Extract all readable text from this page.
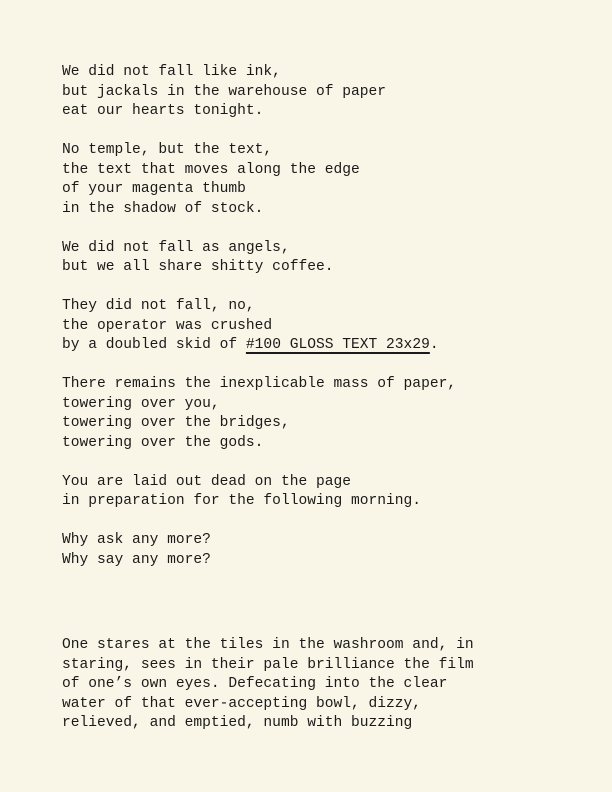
We did not fall like ink,
but jackals in the warehouse of paper
eat our hearts tonight.
No temple, but the text,
the text that moves along the edge
of your magenta thumb
in the shadow of stock.
We did not fall as angels,
but we all share shitty coffee.
They did not fall, no,
the operator was crushed
by a doubled skid of #100 GLOSS TEXT 23x29.
There remains the inexplicable mass of paper,
towering over you,
towering over the bridges,
towering over the gods.
You are laid out dead on the page
in preparation for the following morning.
Why ask any more?
Why say any more?
One stares at the tiles in the washroom and, in
staring, sees in their pale brilliance the film
of one’s own eyes. Defecating into the clear
water of that ever-accepting bowl, dizzy,
relieved, and emptied, numb with buzzing
